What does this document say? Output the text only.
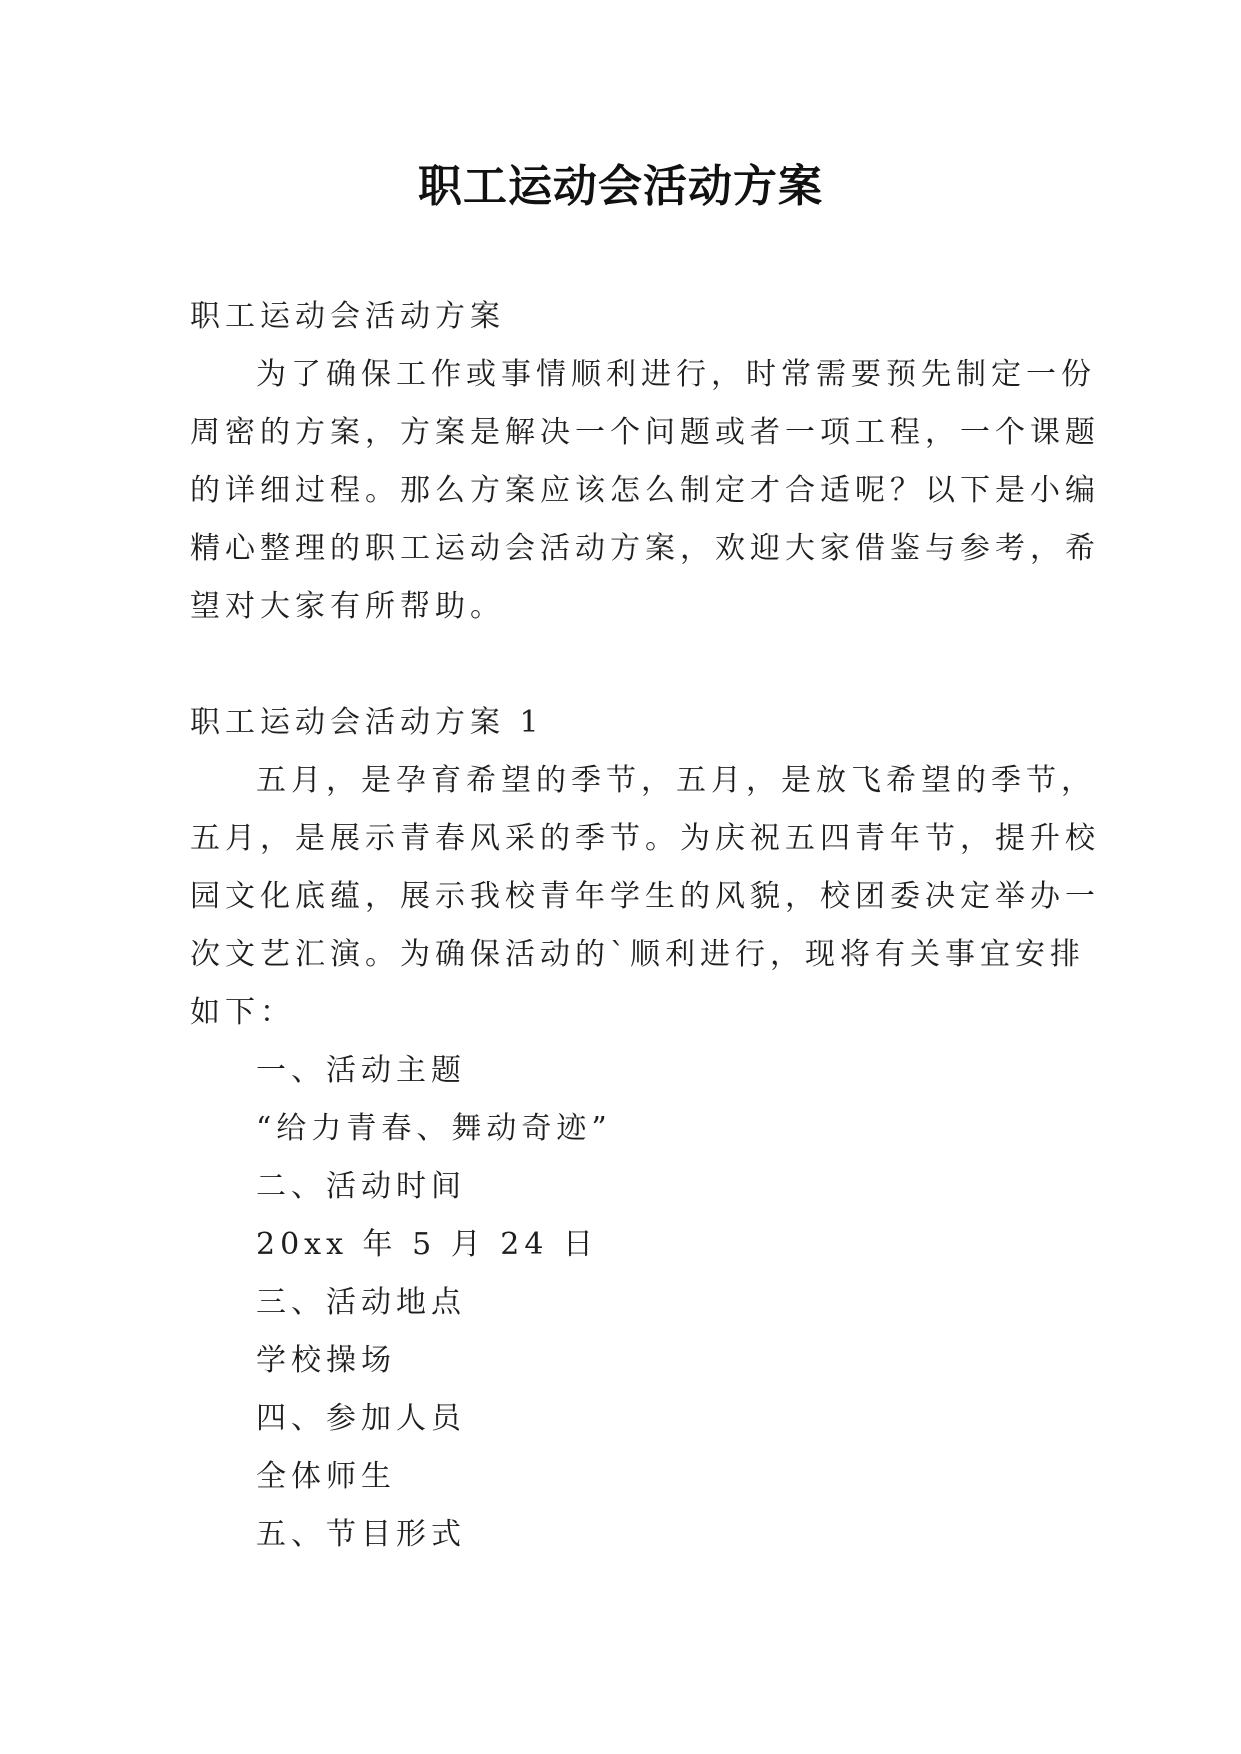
职工运动会活动方案
职工运动会活动方案
为了确保工作或事情顺利进行，时常需要预先制定一份
周密的方案，方案是解决一个问题或者一项工程，一个课题
的详细过程。那么方案应该怎么制定才合适呢？以下是小编
精心整理的职工运动会活动方案，欢迎大家借鉴与参考，希
望对大家有所帮助。
职工运动会活动方案 1
五月，是孕育希望的季节，五月，是放飞希望的季节，
五月，是展示青春风采的季节。为庆祝五四青年节，提升校
园文化底蕴，展示我校青年学生的风貌，校团委决定举办一
次文艺汇演。为确保活动的`顺利进行，现将有关事宜安排
如下：
一、活动主题
“给力青春、舞动奇迹”
二、活动时间
20xx 年 5 月 24 日
三、活动地点
学校操场
四、参加人员
全体师生
五、节目形式
